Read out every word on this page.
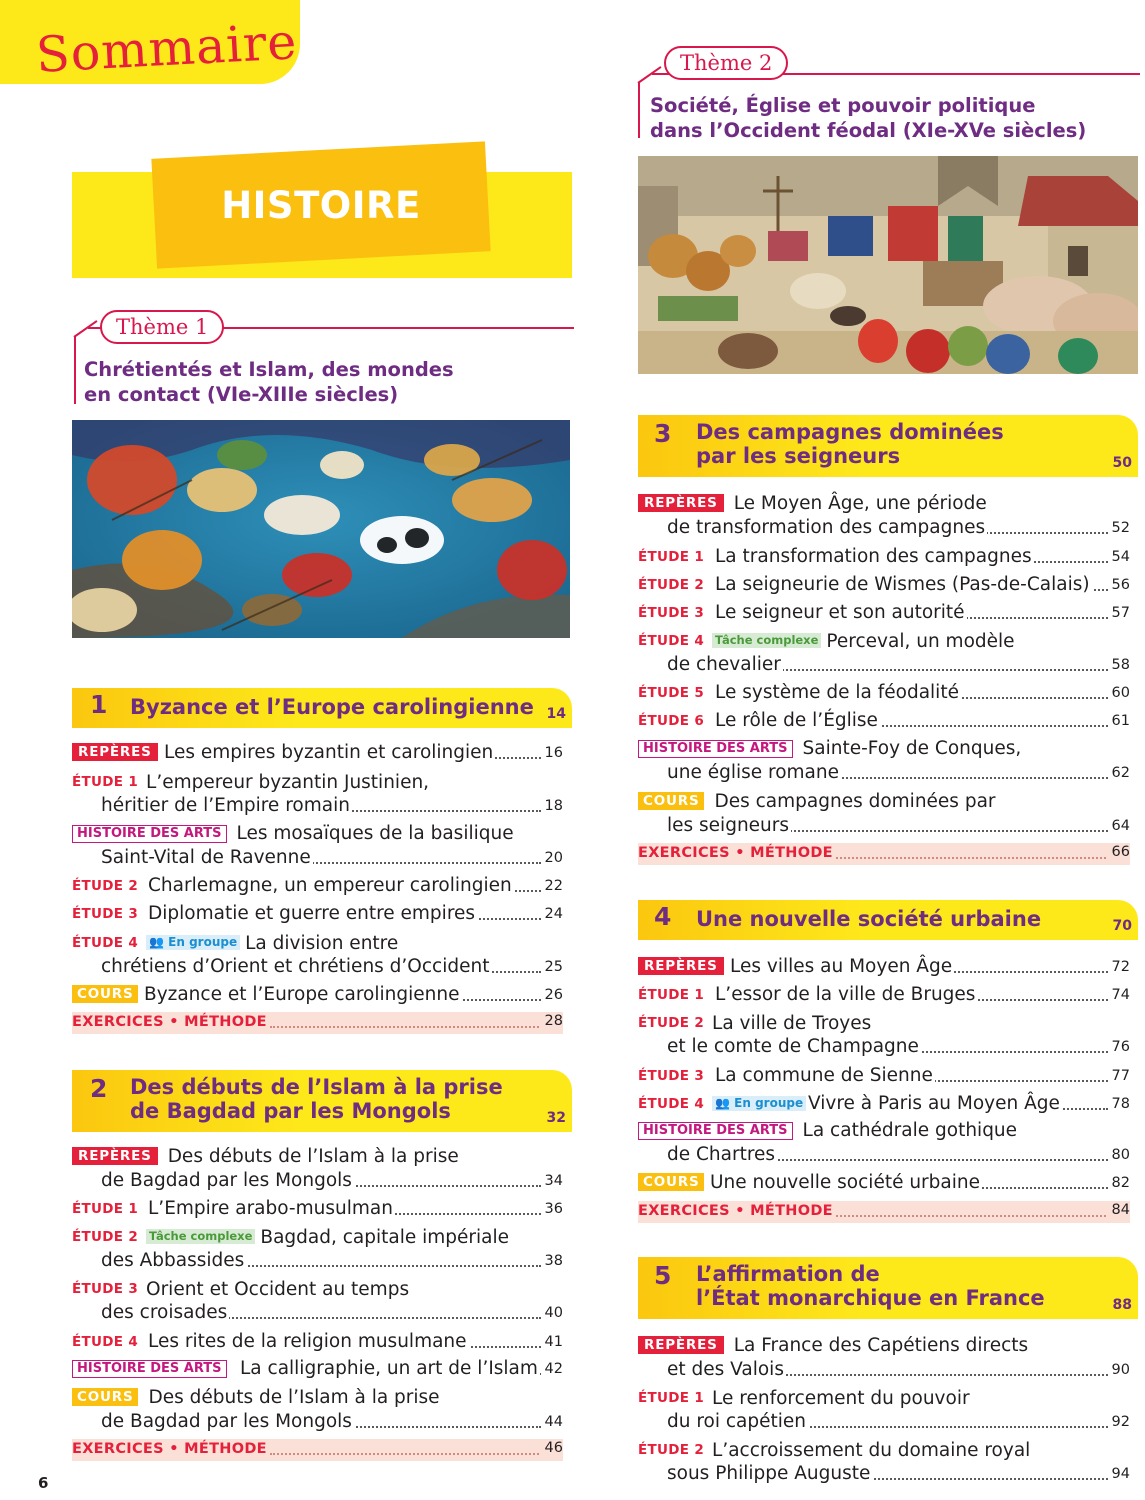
Sommaire
HISTOIRE
Thème 1
Chrétientés et Islam, des mondes
en contact (VIe-XIIIe siècles)
1 Byzance et l’Europe carolingienne 14
REPÈRES Les empires byzantin et carolingien	16
ÉTUDE 1 L’empereur byzantin Justinien,
héritier de l’Empire romain	18
HISTOIRE DES ARTS Les mosaïques de la basilique
Saint-Vital de Ravenne	20
ÉTUDE 2 Charlemagne, un empereur carolingien 22
ÉTUDE 3 Diplomatie et guerre entre empires	24
ÉTUDE 4 👥 En groupe La division entre
chrétiens d’Orient et chrétiens d’Occident	25
COURS Byzance et l’Europe carolingienne	26
EXERCICES • MÉTHODE	28
2 Des débuts de l’Islam à la prise
de Bagdad par les Mongols	32
REPÈRES Des débuts de l’Islam à la prise
de Bagdad par les Mongols	34
ÉTUDE 1 L’Empire arabo-musulman	36
ÉTUDE 2 Tâche complexe Bagdad, capitale impériale
des Abbassides	38
ÉTUDE 3 Orient et Occident au temps
des croisades	40
ÉTUDE 4 Les rites de la religion musulmane	41
HISTOIRE DES ARTS La calligraphie, un art de l’Islam 42
COURS Des débuts de l’Islam à la prise
de Bagdad par les Mongols	44
EXERCICES • MÉTHODE	46
6
Thème 2
Société, Église et pouvoir politique
dans l’Occident féodal (XIe-XVe siècles)
3 Des campagnes dominées
par les seigneurs	50
REPÈRES Le Moyen Âge, une période
de transformation des campagnes	52
ÉTUDE 1 La transformation des campagnes	54
ÉTUDE 2 La seigneurie de Wismes (Pas-de-Calais) 56
ÉTUDE 3 Le seigneur et son autorité	57
ÉTUDE 4 Tâche complexe Perceval, un modèle
de chevalier	58
ÉTUDE 5 Le système de la féodalité	60
ÉTUDE 6 Le rôle de l’Église	61
HISTOIRE DES ARTS Sainte-Foy de Conques,
une église romane	62
COURS Des campagnes dominées par
les seigneurs	64
EXERCICES • MÉTHODE	66
4 Une nouvelle société urbaine	70
REPÈRES Les villes au Moyen Âge	72
ÉTUDE 1 L’essor de la ville de Bruges	74
ÉTUDE 2 La ville de Troyes
et le comte de Champagne	76
ÉTUDE 3 La commune de Sienne	77
ÉTUDE 4 👥 En groupe Vivre à Paris au Moyen Âge	78
HISTOIRE DES ARTS La cathédrale gothique
de Chartres	80
COURS Une nouvelle société urbaine	82
EXERCICES • MÉTHODE	84
5 L’affirmation de
l’État monarchique en France	88
REPÈRES La France des Capétiens directs
et des Valois	90
ÉTUDE 1 Le renforcement du pouvoir
du roi capétien	92
ÉTUDE 2 L’accroissement du domaine royal
sous Philippe Auguste	94
